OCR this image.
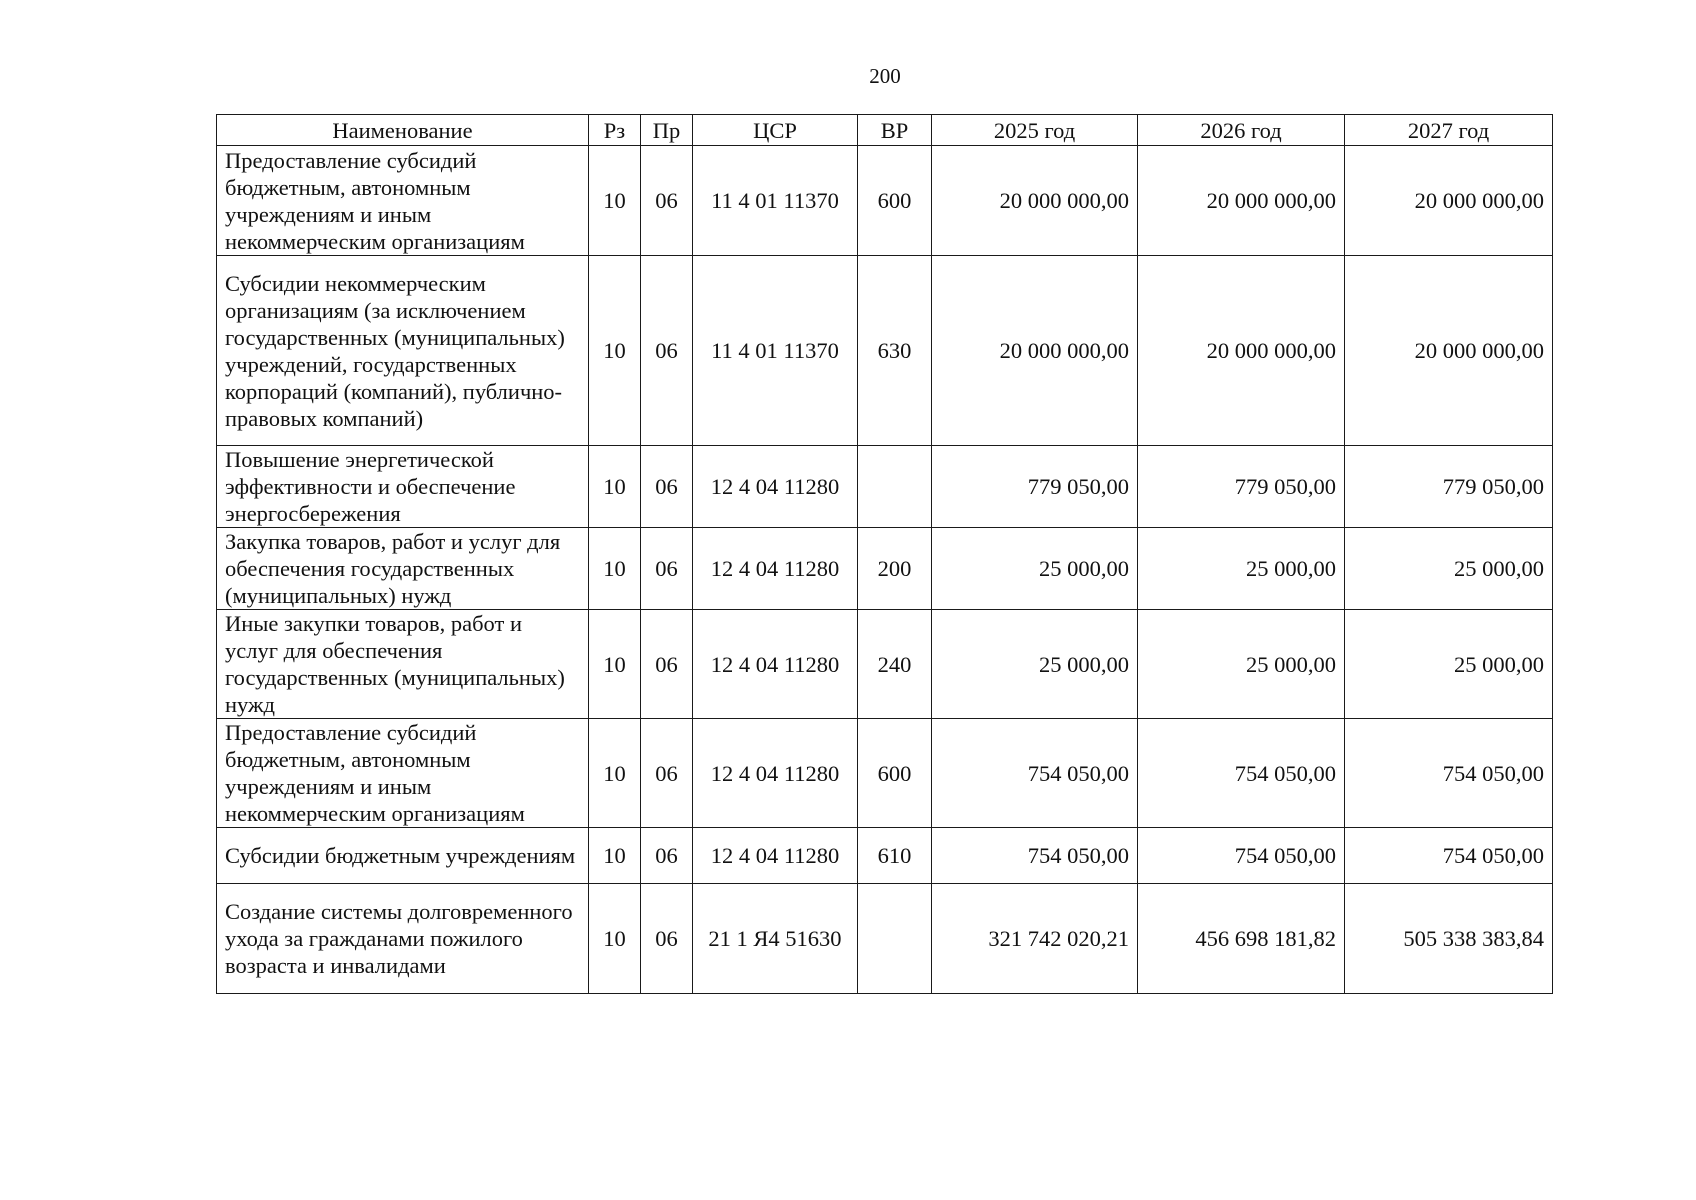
200
Наименование	Рз	Пр	ЦСР	ВР	2025 год	2026 год	2027 год
Предоставление субсидий бюджетным, автономным учреждениям и иным некоммерческим организациям	10	06	11 4 01 11370	600	20 000 000,00	20 000 000,00	20 000 000,00
Субсидии некоммерческим организациям (за исключением государственных (муниципальных) учреждений, государственных корпораций (компаний), публично-правовых компаний)	10	06	11 4 01 11370	630	20 000 000,00	20 000 000,00	20 000 000,00
Повышение энергетической эффективности и обеспечение энергосбережения	10	06	12 4 04 11280		779 050,00	779 050,00	779 050,00
Закупка товаров, работ и услуг для обеспечения государственных (муниципальных) нужд	10	06	12 4 04 11280	200	25 000,00	25 000,00	25 000,00
Иные закупки товаров, работ и услуг для обеспечения государственных (муниципальных) нужд	10	06	12 4 04 11280	240	25 000,00	25 000,00	25 000,00
Предоставление субсидий бюджетным, автономным учреждениям и иным некоммерческим организациям	10	06	12 4 04 11280	600	754 050,00	754 050,00	754 050,00
Субсидии бюджетным учреждениям	10	06	12 4 04 11280	610	754 050,00	754 050,00	754 050,00
Создание системы долговременного ухода за гражданами пожилого возраста и инвалидами	10	06	21 1 Я4 51630		321 742 020,21	456 698 181,82	505 338 383,84
